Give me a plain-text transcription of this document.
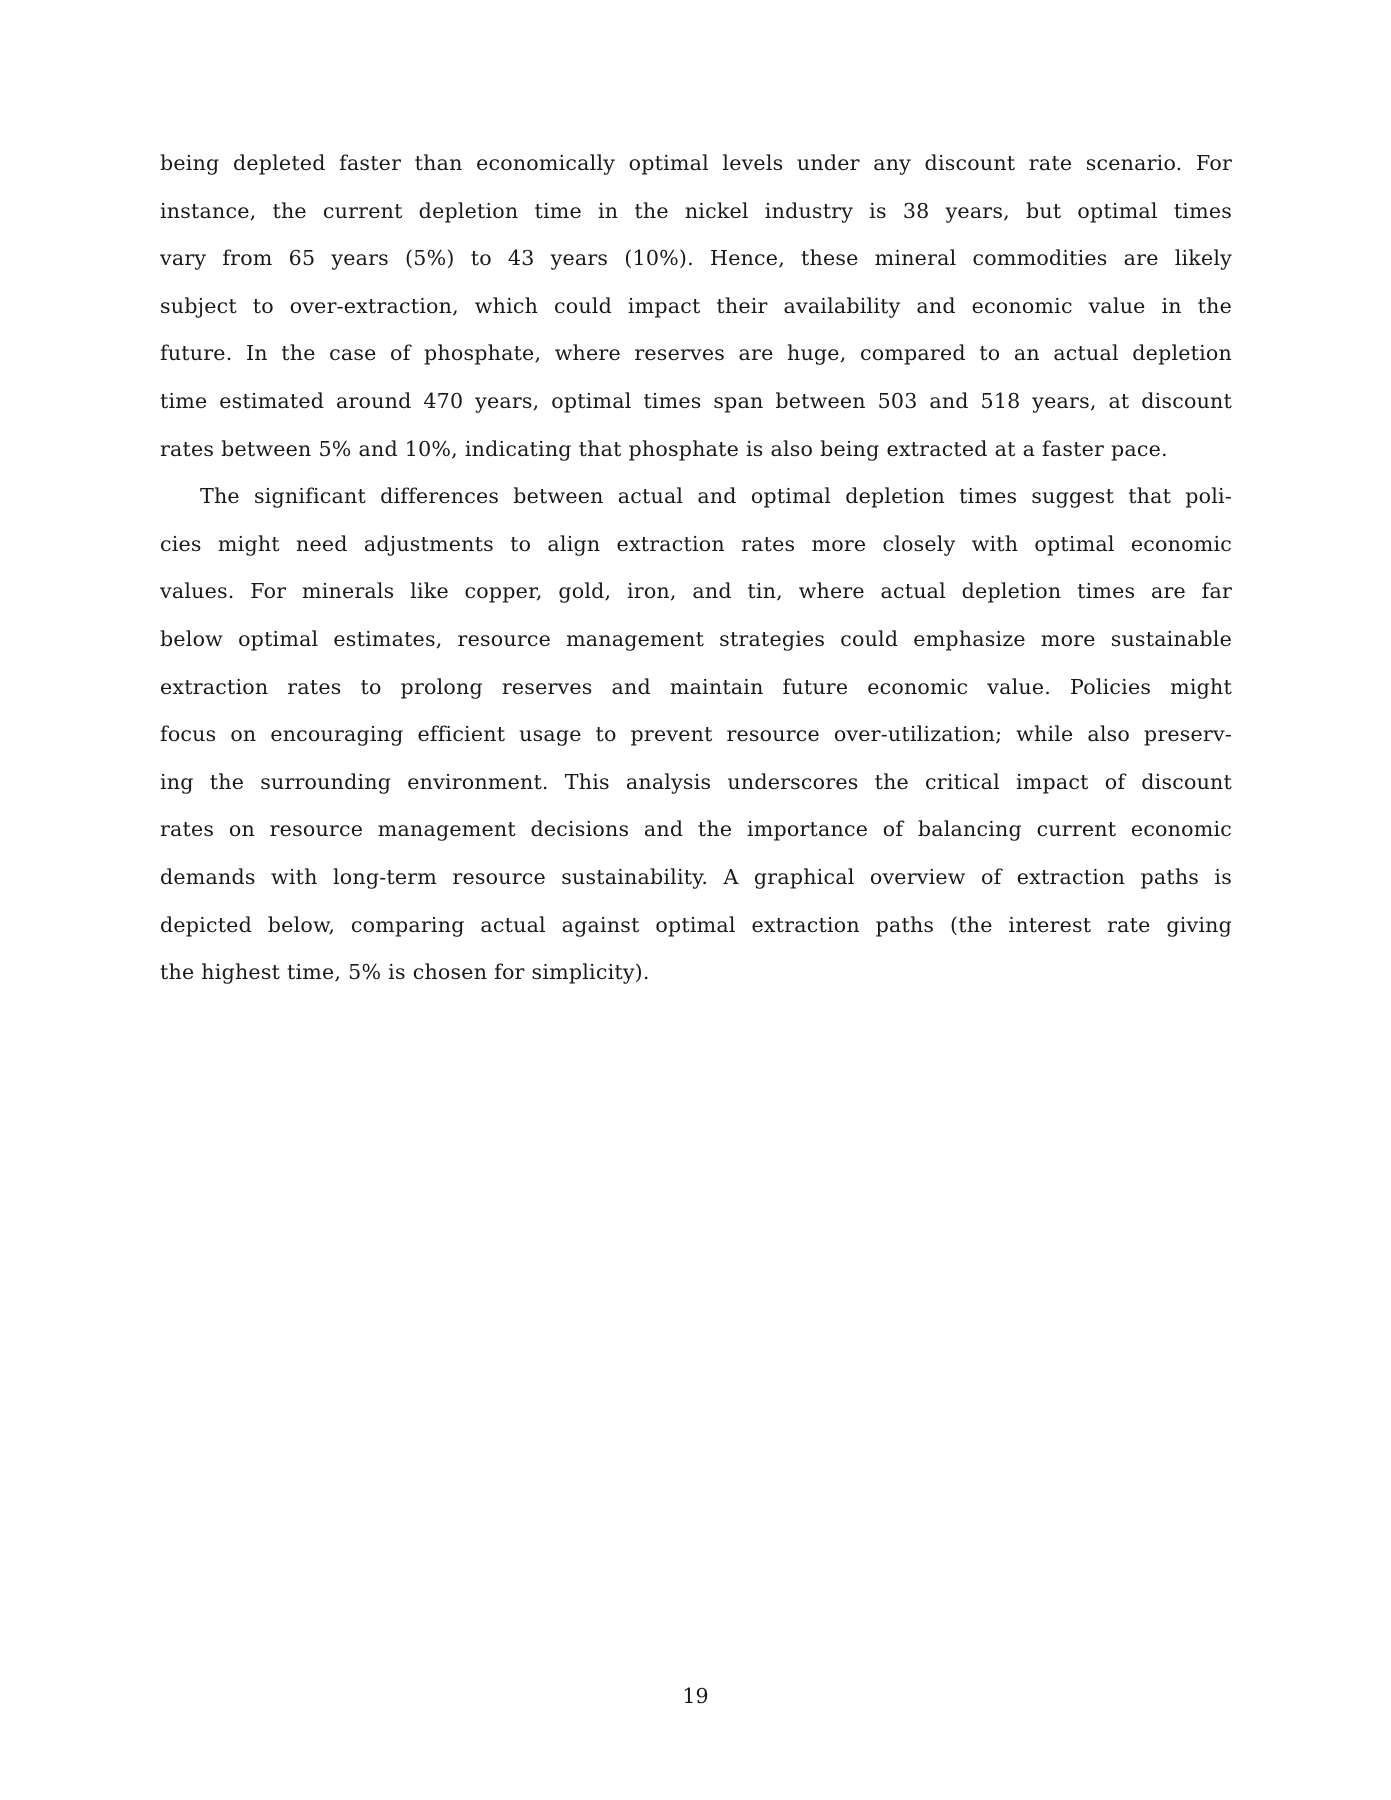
being depleted faster than economically optimal levels under any discount rate scenario. For
instance, the current depletion time in the nickel industry is 38 years, but optimal times
vary from 65 years (5%) to 43 years (10%). Hence, these mineral commodities are likely
subject to over-extraction, which could impact their availability and economic value in the
future. In the case of phosphate, where reserves are huge, compared to an actual depletion
time estimated around 470 years, optimal times span between 503 and 518 years, at discount
rates between 5% and 10%, indicating that phosphate is also being extracted at a faster pace.

The significant differences between actual and optimal depletion times suggest that poli-
cies might need adjustments to align extraction rates more closely with optimal economic
values. For minerals like copper, gold, iron, and tin, where actual depletion times are far
below optimal estimates, resource management strategies could emphasize more sustainable
extraction rates to prolong reserves and maintain future economic value. Policies might
focus on encouraging efficient usage to prevent resource over-utilization; while also preserv-
ing the surrounding environment. This analysis underscores the critical impact of discount
rates on resource management decisions and the importance of balancing current economic
demands with long-term resource sustainability. A graphical overview of extraction paths is
depicted below, comparing actual against optimal extraction paths (the interest rate giving
the highest time, 5% is chosen for simplicity).

19
